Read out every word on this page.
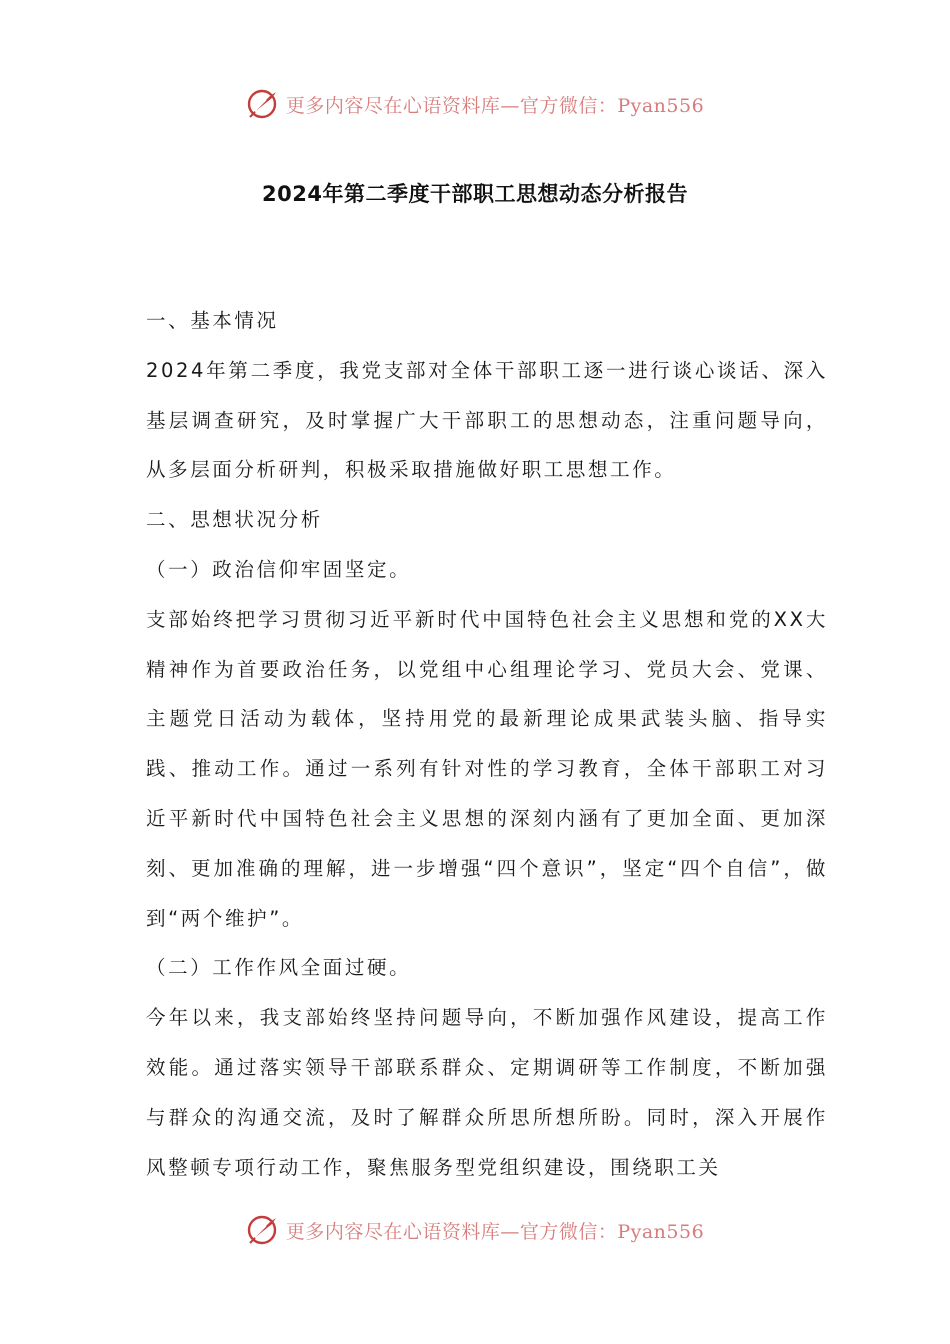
更多内容尽在心语资料库—官方微信：Pyan556
2024年第二季度干部职工思想动态分析报告

一、基本情况

2024年第二季度，我党支部对全体干部职工逐一进行谈心谈话、深入基层调查研究，及时掌握广大干部职工的思想动态，注重问题导向，从多层面分析研判，积极采取措施做好职工思想工作。

二、思想状况分析

（一）政治信仰牢固坚定。

支部始终把学习贯彻习近平新时代中国特色社会主义思想和党的XX大精神作为首要政治任务，以党组中心组理论学习、党员大会、党课、主题党日活动为载体，坚持用党的最新理论成果武装头脑、指导实践、推动工作。通过一系列有针对性的学习教育，全体干部职工对习近平新时代中国特色社会主义思想的深刻内涵有了更加全面、更加深刻、更加准确的理解，进一步增强“四个意识”，坚定“四个自信”，做到“两个维护”。

（二）工作作风全面过硬。

今年以来，我支部始终坚持问题导向，不断加强作风建设，提高工作效能。通过落实领导干部联系群众、定期调研等工作制度，不断加强与群众的沟通交流，及时了解群众所思所想所盼。同时，深入开展作风整顿专项行动工作，聚焦服务型党组织建设，围绕职工关

更多内容尽在心语资料库—官方微信：Pyan556
